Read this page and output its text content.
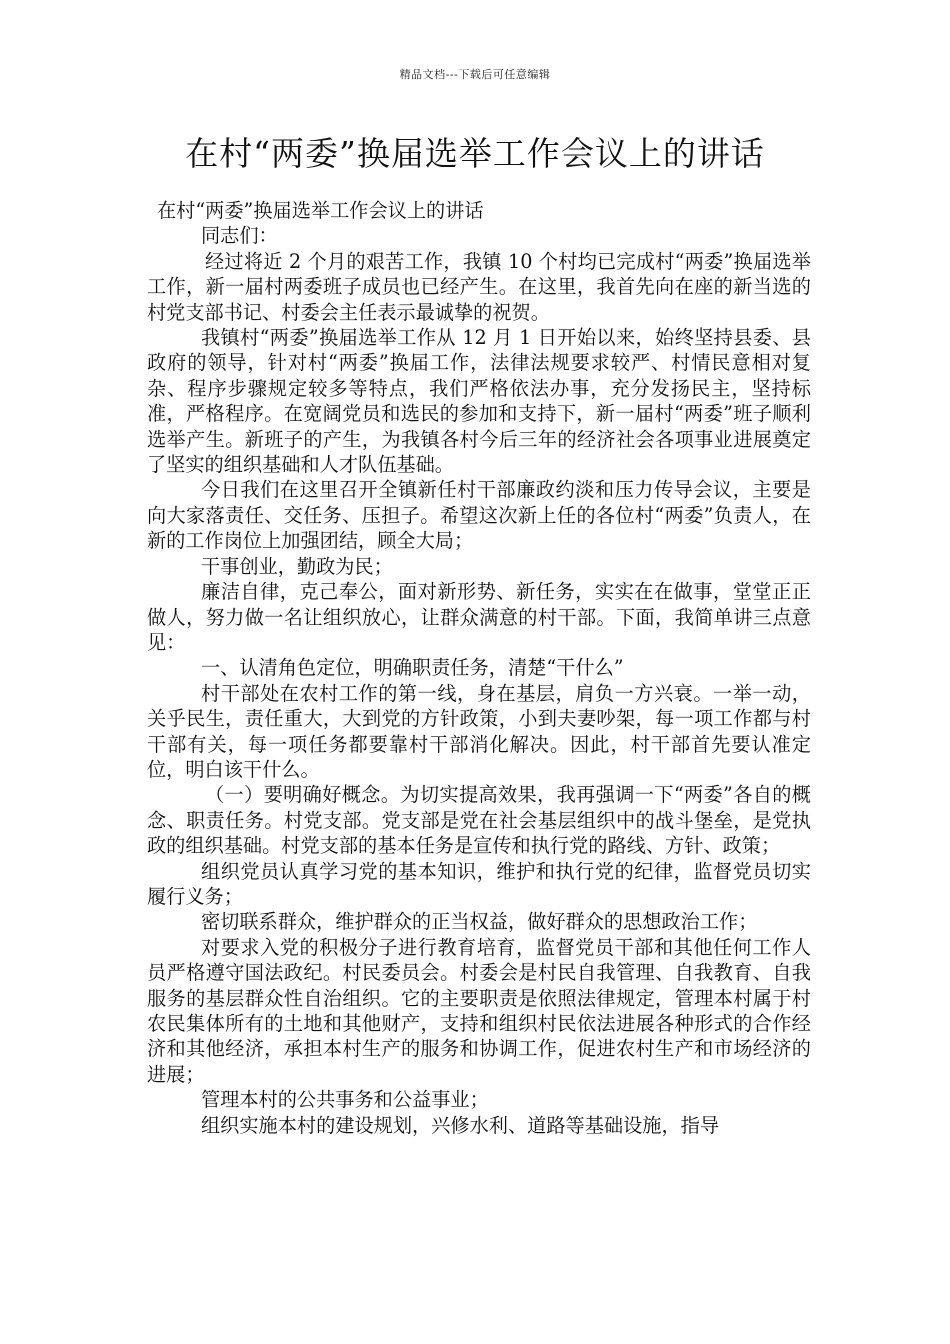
精品文档---下载后可任意编辑
在村“两委”换届选举工作会议上的讲话

在村“两委”换届选举工作会议上的讲话

同志们：

经过将近 2 个月的艰苦工作，我镇 10 个村均已完成村“两委”换届选举工作，新一届村两委班子成员也已经产生。在这里，我首先向在座的新当选的村党支部书记、村委会主任表示最诚挚的祝贺。

我镇村“两委”换届选举工作从 12 月 1 日开始以来，始终坚持县委、县政府的领导，针对村“两委”换届工作，法律法规要求较严、村情民意相对复杂、程序步骤规定较多等特点，我们严格依法办事，充分发扬民主，坚持标准，严格程序。在宽阔党员和选民的参加和支持下，新一届村“两委”班子顺利选举产生。新班子的产生，为我镇各村今后三年的经济社会各项事业进展奠定了坚实的组织基础和人才队伍基础。

今日我们在这里召开全镇新任村干部廉政约淡和压力传导会议，主要是向大家落责任、交任务、压担子。希望这次新上任的各位村“两委”负责人，在新的工作岗位上加强团结，顾全大局；

干事创业，勤政为民；

廉洁自律，克己奉公，面对新形势、新任务，实实在在做事，堂堂正正做人，努力做一名让组织放心，让群众满意的村干部。下面，我简单讲三点意见：

一、认清角色定位，明确职责任务，清楚“干什么”

村干部处在农村工作的第一线，身在基层，肩负一方兴衰。一举一动，关乎民生，责任重大，大到党的方针政策，小到夫妻吵架，每一项工作都与村干部有关，每一项任务都要靠村干部消化解决。因此，村干部首先要认准定位，明白该干什么。

（一）要明确好概念。为切实提高效果，我再强调一下“两委”各自的概念、职责任务。村党支部。党支部是党在社会基层组织中的战斗堡垒，是党执政的组织基础。村党支部的基本任务是宣传和执行党的路线、方针、政策；

组织党员认真学习党的基本知识，维护和执行党的纪律，监督党员切实履行义务；

密切联系群众，维护群众的正当权益，做好群众的思想政治工作；

对要求入党的积极分子进行教育培育，监督党员干部和其他任何工作人员严格遵守国法政纪。村民委员会。村委会是村民自我管理、自我教育、自我服务的基层群众性自治组织。它的主要职责是依照法律规定，管理本村属于村农民集体所有的土地和其他财产，支持和组织村民依法进展各种形式的合作经济和其他经济，承担本村生产的服务和协调工作，促进农村生产和市场经济的进展；

管理本村的公共事务和公益事业；

组织实施本村的建设规划，兴修水利、道路等基础设施，指导
